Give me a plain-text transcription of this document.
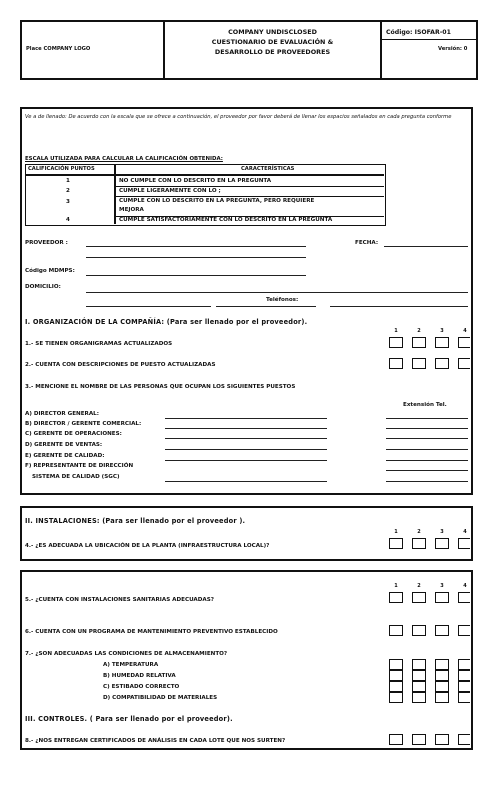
Place COMPANY LOGO
COMPANY UNDISCLOSED
CUESTIONARIO DE EVALUACIÓN &
DESARROLLO DE PROVEEDORES
Código: ISOFAR-01
Versión: 0
Ve a de llenado: De acuerdo con la escala que se ofrece a continuación, el proveedor por favor deberá de llenar los espacios señalados en cada pregunta conforme
ESCALA UTILIZADA PARA CALCULAR LA CALIFICACIÓN OBTENIDA:
CALIFICACIÓN PUNTOS	CARACTERÍSTICAS
1	NO CUMPLE CON LO DESCRITO EN LA PREGUNTA
2	CUMPLE LIGERAMENTE CON LO ;
3	CUMPLE CON LO DESCRITO EN LA PREGUNTA, PERO REQUIERE MEJORA
4	CUMPLE SATISFACTORIAMENTE CON LO DESCRITO EN LA PREGUNTA
PROVEEDOR :	FECHA:
Código MDMPS:
DOMICILIO:
Teléfonos:
I. ORGANIZACIÓN DE LA COMPAÑÍA: (Para ser llenado por el proveedor).
1	2	3	4
1.- SE TIENEN ORGANIGRAMAS ACTUALIZADOS
2.- CUENTA CON DESCRIPCIONES DE PUESTO ACTUALIZADAS
3.- MENCIONE EL NOMBRE DE LAS PERSONAS QUE OCUPAN LOS SIGUIENTES PUESTOS
Extensión Tel.
A) DIRECTOR GENERAL:
B) DIRECTOR / GERENTE COMERCIAL:
C) GERENTE DE OPERACIONES:
D) GERENTE DE VENTAS:
E) GERENTE DE CALIDAD:
F) REPRESENTANTE DE DIRECCIÓN
SISTEMA DE CALIDAD (SGC)
II. INSTALACIONES: (Para ser llenado por el proveedor ).
1	2	3	4
4.- ¿ES ADECUADA LA UBICACIÓN DE LA PLANTA (INFRAESTRUCTURA LOCAL)?
1	2	3	4
5.- ¿CUENTA CON INSTALACIONES SANITARIAS ADECUADAS?
6.- CUENTA CON UN PROGRAMA DE MANTENIMIENTO PREVENTIVO ESTABLECIDO
7.- ¿SON ADECUADAS LAS CONDICIONES DE ALMACENAMIENTO?
A) TEMPERATURA
B) HUMEDAD RELATIVA
C) ESTIBADO CORRECTO
D) COMPATIBILIDAD DE MATERIALES
III. CONTROLES. ( Para ser llenado por el proveedor).
8.- ¿NOS ENTREGAN CERTIFICADOS DE ANÁLISIS EN CADA LOTE QUE NOS SURTEN?
